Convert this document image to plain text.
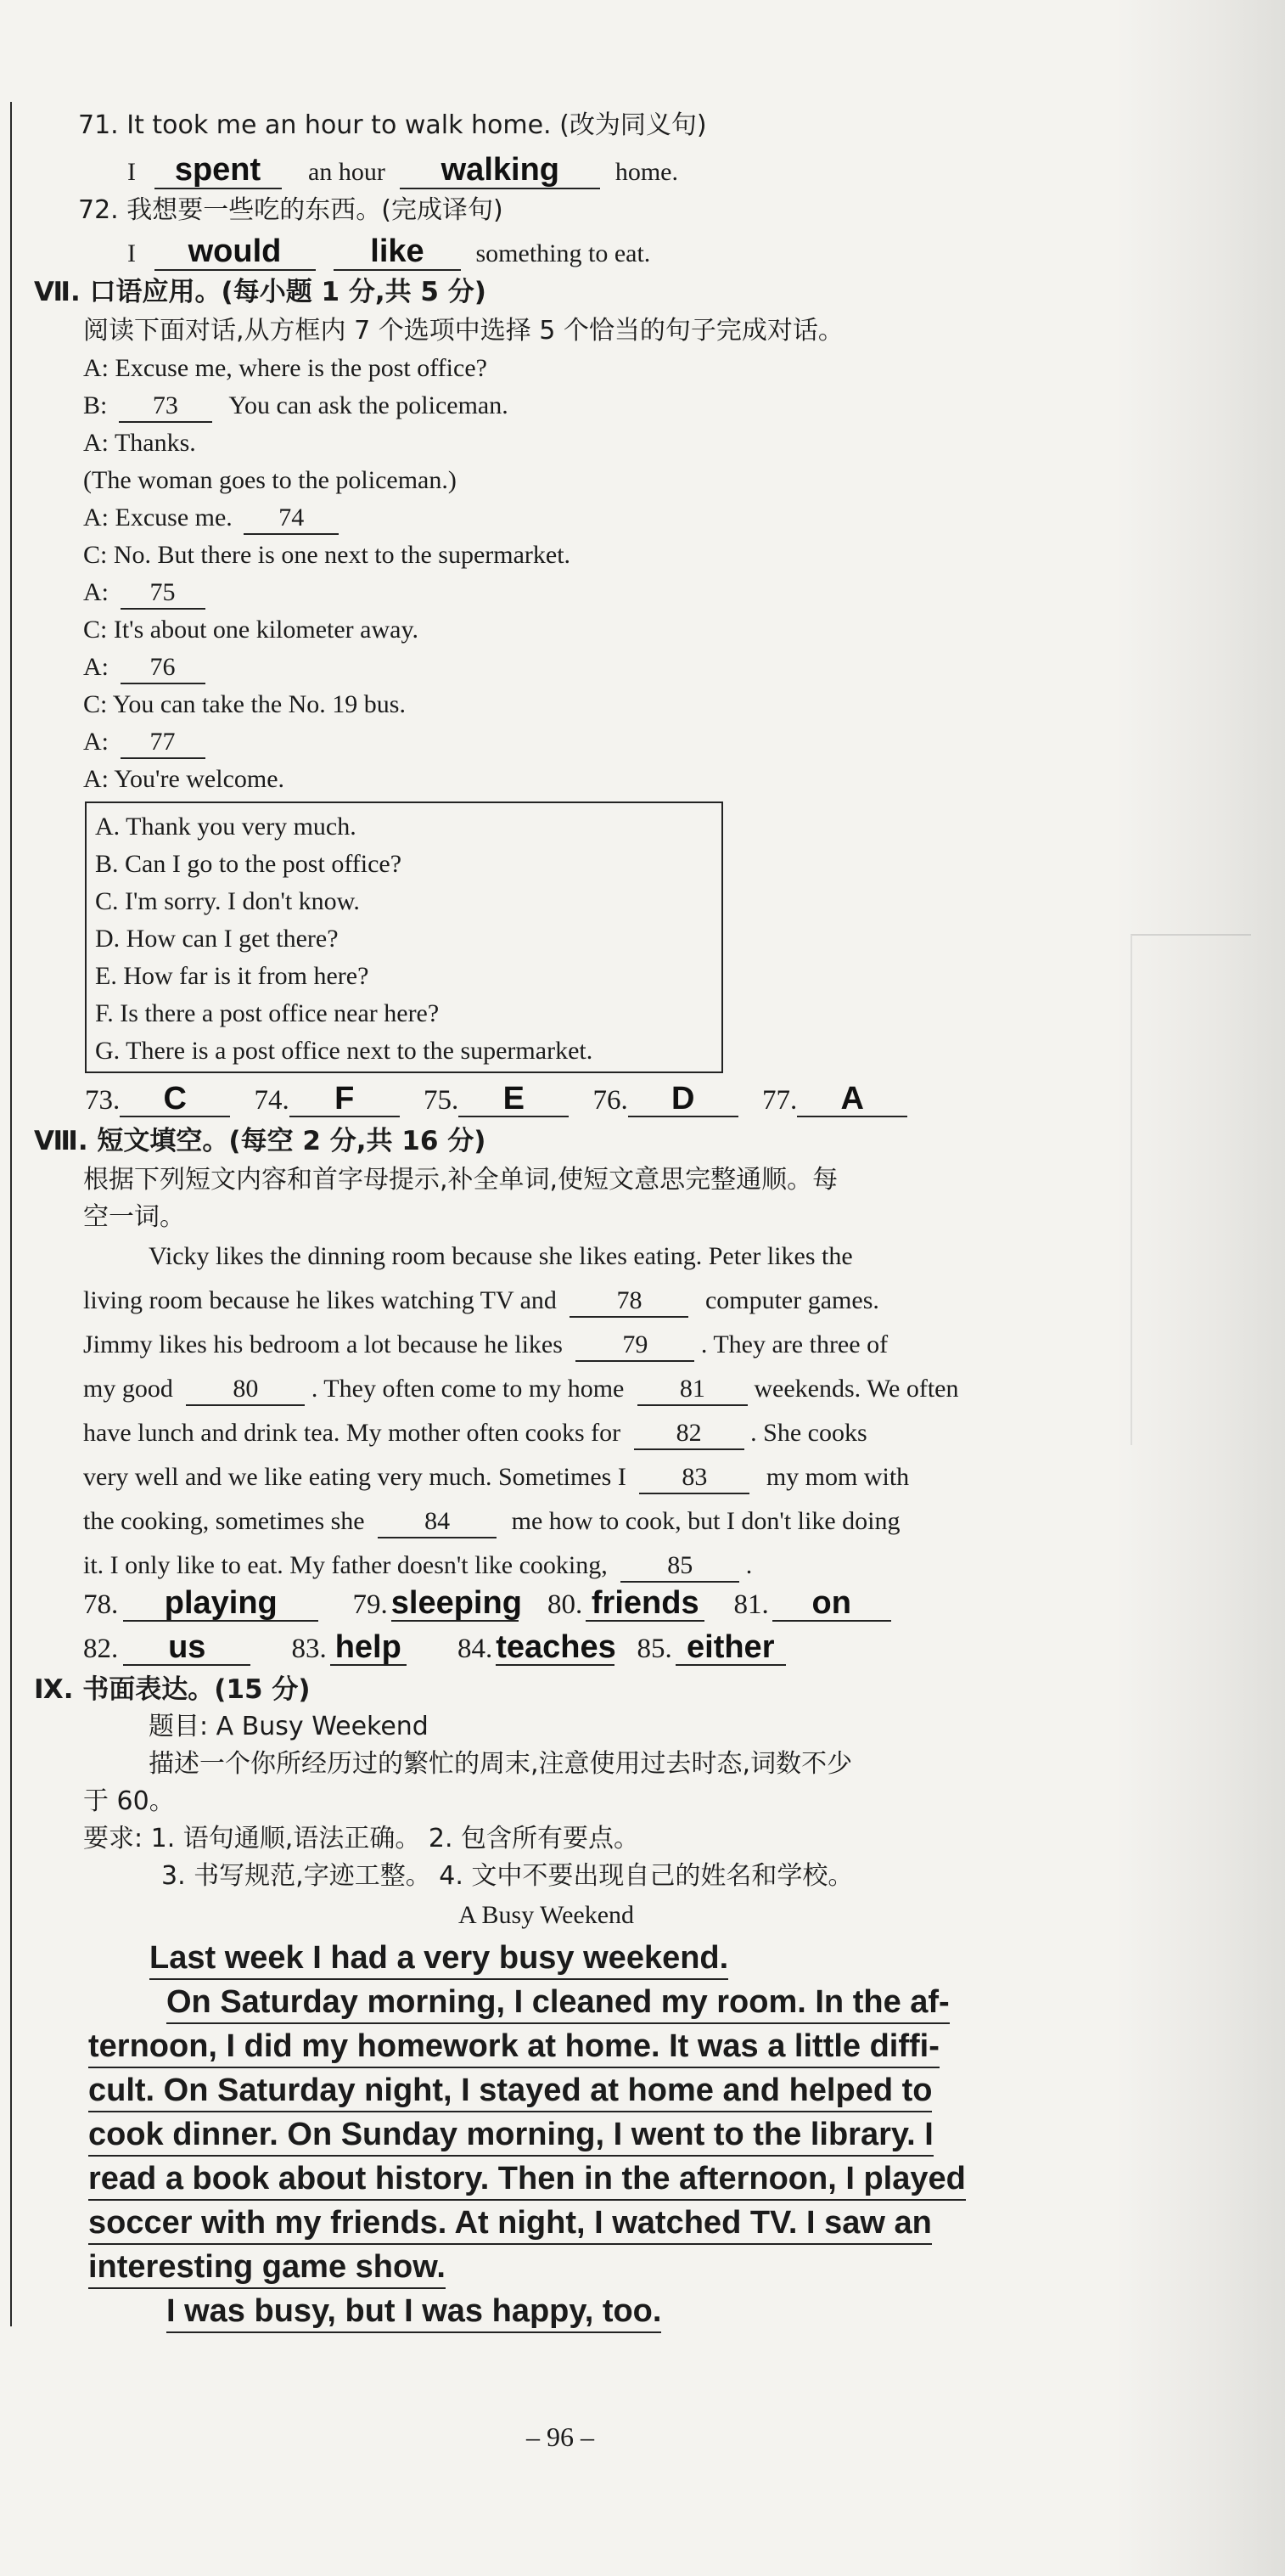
71. It took me an hour to walk home. (改为同义句)
I spent an hour walking home.
72. 我想要一些吃的东西。(完成译句)
I would	like something to eat.
Ⅶ. 口语应用。(每小题 1 分,共 5 分)
阅读下面对话,从方框内 7 个选项中选择 5 个恰当的句子完成对话。
A: Excuse me, where is the post office?
B: 73 You can ask the policeman.
A: Thanks.
(The woman goes to the policeman.)
A: Excuse me. 74
C: No. But there is one next to the supermarket.
A: 75
C: It's about one kilometer away.
A: 76
C: You can take the No. 19 bus.
A: 77
A: You're welcome.
A. Thank you very much.
B. Can I go to the post office?
C. I'm sorry. I don't know.
D. How can I get there?
E. How far is it from here?
F. Is there a post office near here?
G. There is a post office next to the supermarket.
73. C 74. F 75. E 76. D 77. A
Ⅷ. 短文填空。(每空 2 分,共 16 分)
根据下列短文内容和首字母提示,补全单词,使短文意思完整通顺。每
空一词。
Vicky likes the dinning room because she likes eating. Peter likes the
living room because he likes watching TV and 78 computer games.
Jimmy likes his bedroom a lot because he likes 79 . They are three of
my good 80 . They often come to my home 81 weekends. We often
have lunch and drink tea. My mother often cooks for 82 . She cooks
very well and we like eating very much. Sometimes I 83 my mom with
the cooking, sometimes she 84 me how to cook, but I don't like doing
it. I only like to eat. My father doesn't like cooking, 85 .
78. playing	79. sleeping 80. friends 81. on
82. us	83. help 84. teaches 85. either
Ⅸ. 书面表达。(15 分)
题目: A Busy Weekend
描述一个你所经历过的繁忙的周末,注意使用过去时态,词数不少
于 60。
要求: 1. 语句通顺,语法正确。 2. 包含所有要点。
3. 书写规范,字迹工整。 4. 文中不要出现自己的姓名和学校。
A Busy Weekend
Last week I had a very busy weekend.
On Saturday morning, I cleaned my room. In the af-
ternoon, I did my homework at home. It was a little diffi-
cult. On Saturday night, I stayed at home and helped to
cook dinner. On Sunday morning, I went to the library. I
read a book about history. Then in the afternoon, I played
soccer with my friends. At night, I watched TV. I saw an
interesting game show.
I was busy, but I was happy, too.
– 96 –
